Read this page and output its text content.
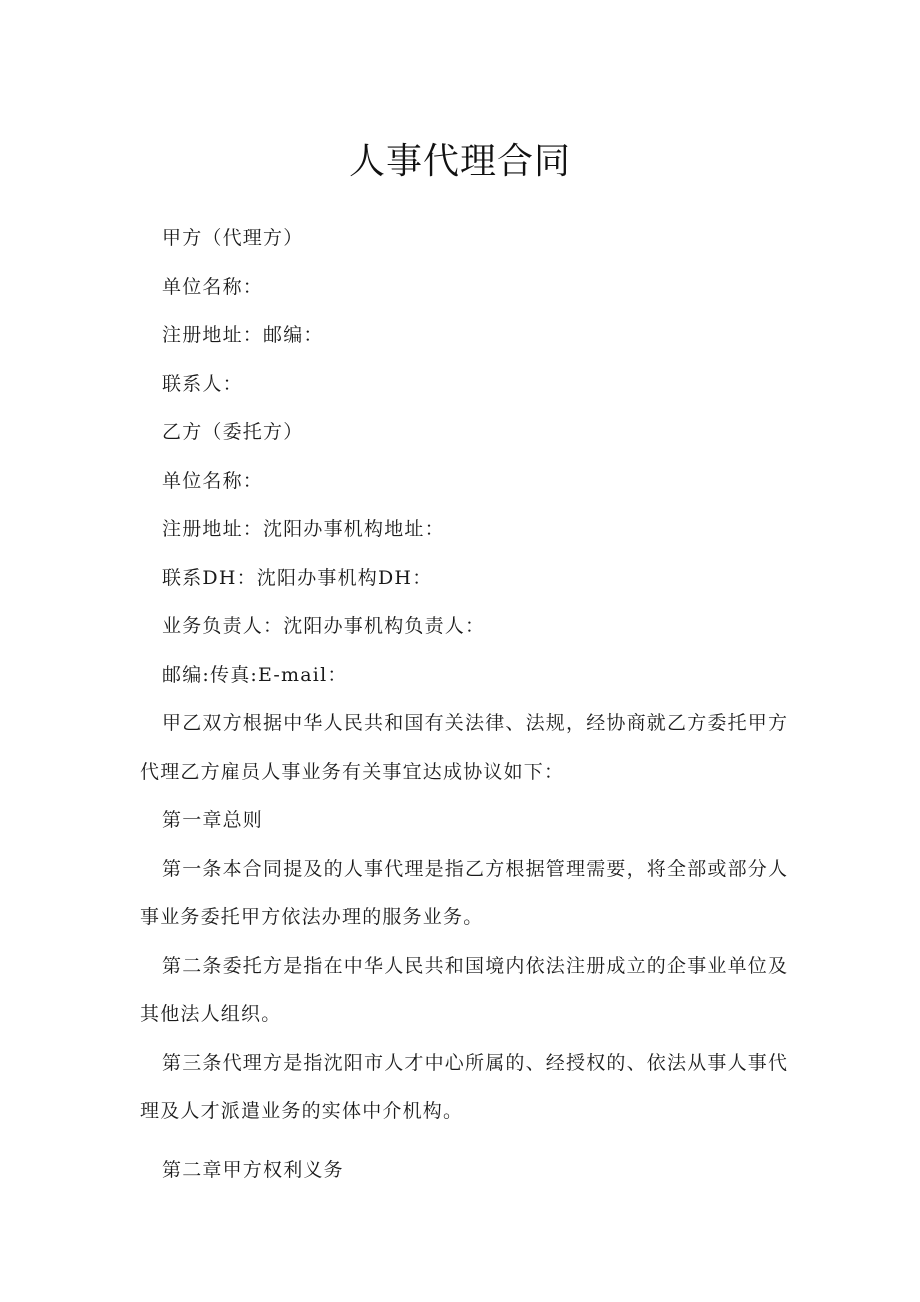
人事代理合同
甲方（代理方）
单位名称：
注册地址：邮编：
联系人：
乙方（委托方）
单位名称：
注册地址：沈阳办事机构地址：
联系DH：沈阳办事机构DH：
业务负责人：沈阳办事机构负责人：
邮编:传真:E-mail：
甲乙双方根据中华人民共和国有关法律、法规，经协商就乙方委托甲方
代理乙方雇员人事业务有关事宜达成协议如下：
第一章总则
第一条本合同提及的人事代理是指乙方根据管理需要，将全部或部分人
事业务委托甲方依法办理的服务业务。
第二条委托方是指在中华人民共和国境内依法注册成立的企事业单位及
其他法人组织。
第三条代理方是指沈阳市人才中心所属的、经授权的、依法从事人事代
理及人才派遣业务的实体中介机构。
第二章甲方权利义务
